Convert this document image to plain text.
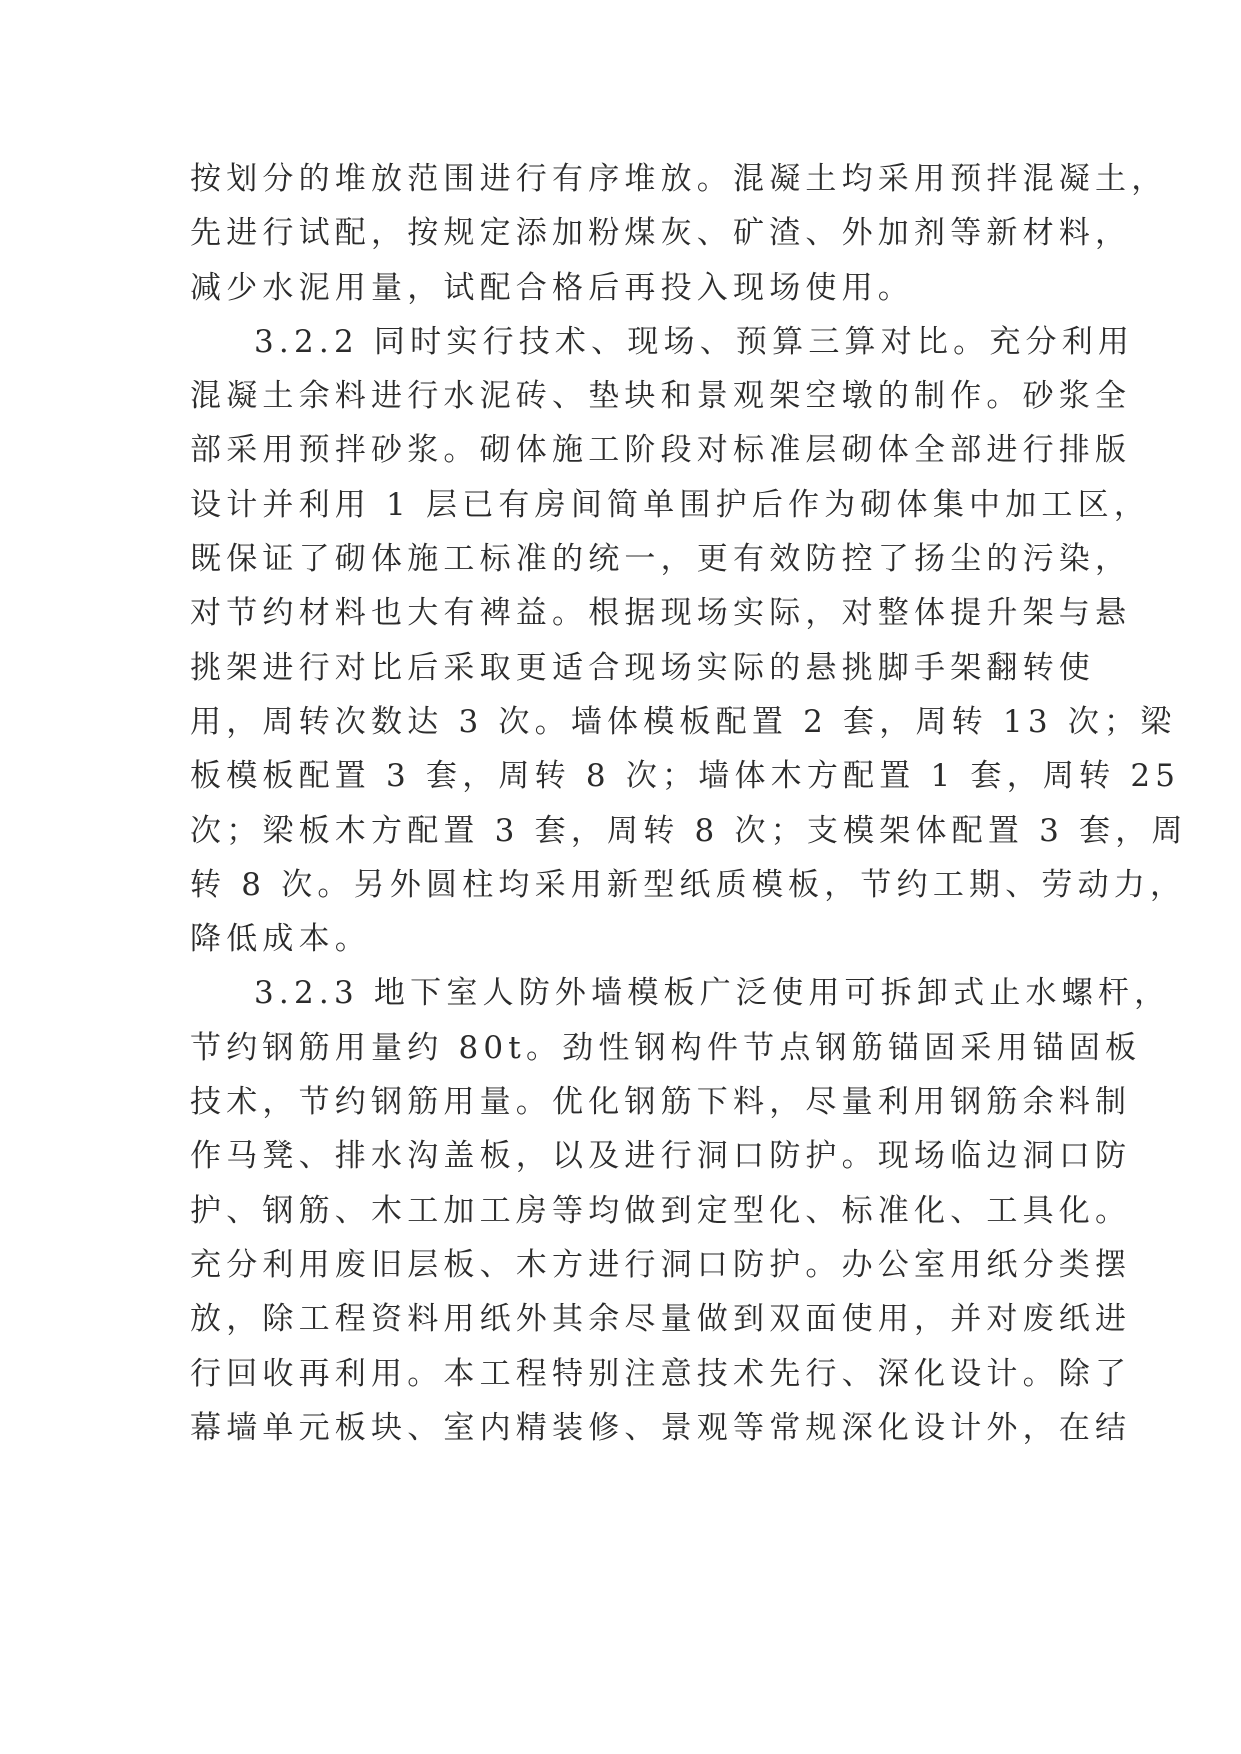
按划分的堆放范围进行有序堆放。混凝土均采用预拌混凝土，
先进行试配，按规定添加粉煤灰、矿渣、外加剂等新材料，
减少水泥用量，试配合格后再投入现场使用。
3.2.2 同时实行技术、现场、预算三算对比。充分利用
混凝土余料进行水泥砖、垫块和景观架空墩的制作。砂浆全
部采用预拌砂浆。砌体施工阶段对标准层砌体全部进行排版
设计并利用 1 层已有房间简单围护后作为砌体集中加工区，
既保证了砌体施工标准的统一，更有效防控了扬尘的污染，
对节约材料也大有裨益。根据现场实际，对整体提升架与悬
挑架进行对比后采取更适合现场实际的悬挑脚手架翻转使
用，周转次数达 3 次。墙体模板配置 2 套，周转 13 次；梁
板模板配置 3 套，周转 8 次；墙体木方配置 1 套，周转 25
次；梁板木方配置 3 套，周转 8 次；支模架体配置 3 套，周
转 8 次。另外圆柱均采用新型纸质模板，节约工期、劳动力，
降低成本。
3.2.3 地下室人防外墙模板广泛使用可拆卸式止水螺杆，
节约钢筋用量约 80t。劲性钢构件节点钢筋锚固采用锚固板
技术，节约钢筋用量。优化钢筋下料，尽量利用钢筋余料制
作马凳、排水沟盖板，以及进行洞口防护。现场临边洞口防
护、钢筋、木工加工房等均做到定型化、标准化、工具化。
充分利用废旧层板、木方进行洞口防护。办公室用纸分类摆
放，除工程资料用纸外其余尽量做到双面使用，并对废纸进
行回收再利用。本工程特别注意技术先行、深化设计。除了
幕墙单元板块、室内精装修、景观等常规深化设计外，在结
